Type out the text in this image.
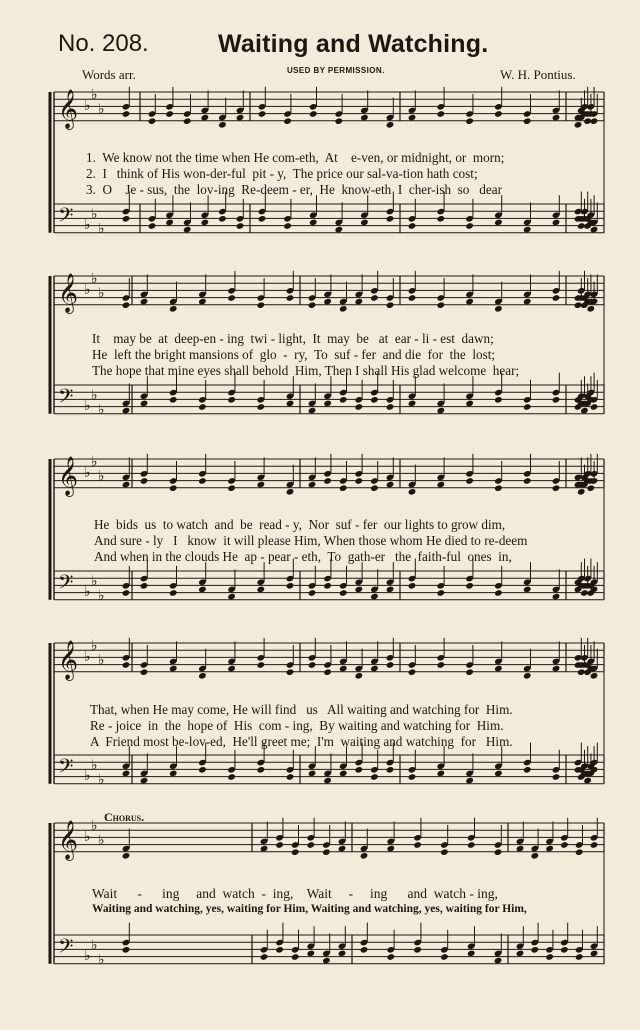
No. 208.	Waiting and Watching.
Words arr.	USED BY PERMISSION.	W. H. Pontius.
𝄞
𝄢
♭
♭
♭
♭
♭
♭
𝄞
𝄢
♭
♭
♭
♭
♭
♭
𝄞
𝄢
♭
♭
♭
♭
♭
♭
𝄞
𝄢
♭
♭
♭
♭
♭
♭
𝄞
𝄢
♭
♭
♭
♭
♭
♭
1.  We know not the time when He com-eth,  At    e-ven, or midnight, or  morn;
2.  I   think of His won-der-ful  pit - y,  The price our sal-va-tion hath cost;
3.  O    Je - sus,  the  lov-ing  Re-deem - er,  He  know-eth  I  cher-ish  so   dear
It    may be  at  deep-en - ing  twi - light,  It  may  be   at  ear - li - est  dawn;
He  left the bright mansions of  glo  -  ry,  To  suf - fer  and die  for  the  lost;
The hope that mine eyes shall behold  Him, Then I shall His glad welcome  hear;
He  bids  us  to watch  and  be  read - y,  Nor  suf - fer  our lights to grow dim,
And sure - ly   I   know  it will please Him, When those whom He died to re-deem
And when in the clouds He  ap - pear - eth,  To  gath-er   the  faith-ful  ones  in,
That, when He may come, He will find   us   All waiting and watching for  Him.
Re - joice  in  the  hope of  His  com - ing,  By waiting and watching for  Him.
A  Friend most be-lov-ed,  He'll greet me;  I'm  waiting and watching  for   Him.
Chorus.
Wait      -      ing     and  watch  -  ing,    Wait     -     ing      and  watch - ing,
Waiting and watching, yes, waiting for Him, Waiting and watching, yes, waiting for Him,
